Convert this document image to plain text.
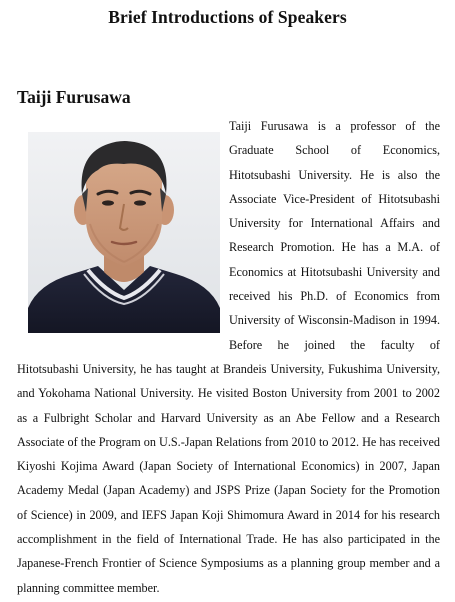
Brief Introductions of Speakers
Taiji Furusawa

Taiji Furusawa is a professor of the Graduate School of Economics, Hitotsubashi University. He is also the Associate Vice-President of Hitotsubashi University for International Affairs and Research Promotion. He has a M.A. of Economics at Hitotsubashi University and received his Ph.D. of Economics from University of Wisconsin-Madison in 1994. Before he joined the faculty of Hitotsubashi University, he has taught at Brandeis University, Fukushima University, and Yokohama National University. He visited Boston University from 2001 to 2002 as a Fulbright Scholar and Harvard University as an Abe Fellow and a Research Associate of the Program on U.S.-Japan Relations from 2010 to 2012. He has received Kiyoshi Kojima Award (Japan Society of International Economics) in 2007, Japan Academy Medal (Japan Academy) and JSPS Prize (Japan Society for the Promotion of Science) in 2009, and IEFS Japan Koji Shimomura Award in 2014 for his research accomplishment in the field of International Trade. He has also participated in the Japanese-French Frontier of Science Symposiums as a planning group member and a planning committee member.
